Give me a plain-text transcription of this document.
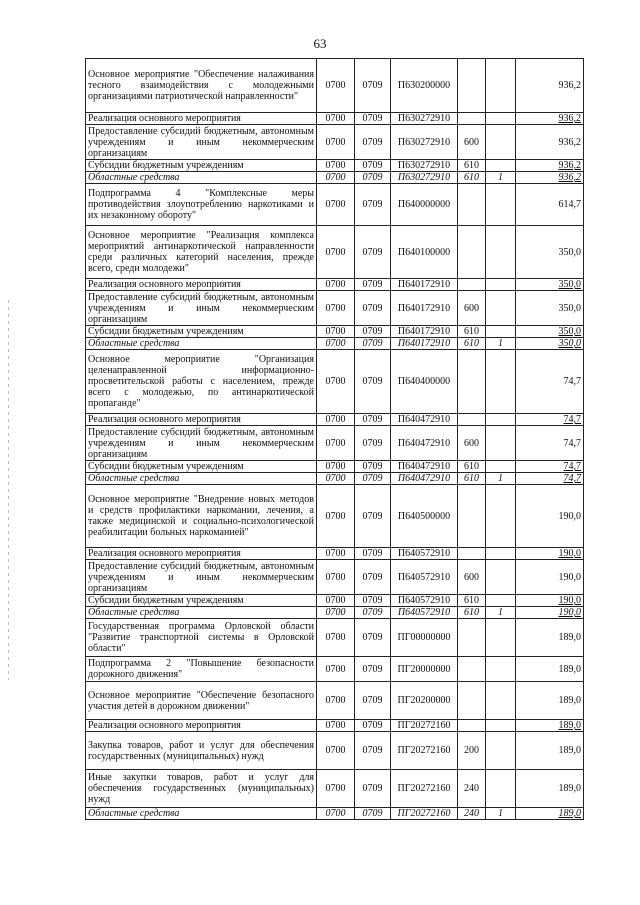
63
Основное мероприятие "Обеспечение налаживания тесного взаимодействия с молодежными организациями патриотической направленности"	0700	0709	П630200000			936,2
Реализация основного мероприятия	0700	0709	П630272910			936,2
Предоставление субсидий бюджетным, автономным учреждениям и иным некоммерческим организациям	0700	0709	П630272910	600		936,2
Субсидии бюджетным учреждениям	0700	0709	П630272910	610		936,2
Областные средства	0700	0709	П630272910	610	1	936,2
Подпрограмма 4 "Комплексные меры противодействия злоупотреблению наркотиками и их незаконному обороту"	0700	0709	П640000000			614,7
Основное мероприятие "Реализация комплекса мероприятий антинаркотической направленности среди различных категорий населения, прежде всего, среди молодежи"	0700	0709	П640100000			350,0
Реализация основного мероприятия	0700	0709	П640172910			350,0
Предоставление субсидий бюджетным, автономным учреждениям и иным некоммерческим организациям	0700	0709	П640172910	600		350,0
Субсидии бюджетным учреждениям	0700	0709	П640172910	610		350,0
Областные средства	0700	0709	П640172910	610	1	350,0
Основное мероприятие "Организация целенаправленной информационно-просветительской работы с населением, прежде всего с молодежью, по антинаркотической пропаганде"	0700	0709	П640400000			74,7
Реализация основного мероприятия	0700	0709	П640472910			74,7
Предоставление субсидий бюджетным, автономным учреждениям и иным некоммерческим организациям	0700	0709	П640472910	600		74,7
Субсидии бюджетным учреждениям	0700	0709	П640472910	610		74,7
Областные средства	0700	0709	П640472910	610	1	74,7
Основное мероприятие "Внедрение новых методов и средств профилактики наркомании, лечения, а также медицинской и социально-психологической реабилитации больных наркоманией"	0700	0709	П640500000			190,0
Реализация основного мероприятия	0700	0709	П640572910			190,0
Предоставление субсидий бюджетным, автономным учреждениям и иным некоммерческим организациям	0700	0709	П640572910	600		190,0
Субсидии бюджетным учреждениям	0700	0709	П640572910	610		190,0
Областные средства	0700	0709	П640572910	610	1	190,0
Государственная программа Орловской области "Развитие транспортной системы в Орловской области"	0700	0709	ПГ00000000			189,0
Подпрограмма 2 "Повышение безопасности дорожного движения"	0700	0709	ПГ20000000			189,0
Основное мероприятие "Обеспечение безопасного участия детей в дорожном движении"	0700	0709	ПГ20200000			189,0
Реализация основного мероприятия	0700	0709	ПГ20272160			189,0
Закупка товаров, работ и услуг для обеспечения государственных (муниципальных) нужд	0700	0709	ПГ20272160	200		189,0
Иные закупки товаров, работ и услуг для обеспечения государственных (муниципальных) нужд	0700	0709	ПГ20272160	240		189,0
Областные средства	0700	0709	ПГ20272160	240	1	189,0
